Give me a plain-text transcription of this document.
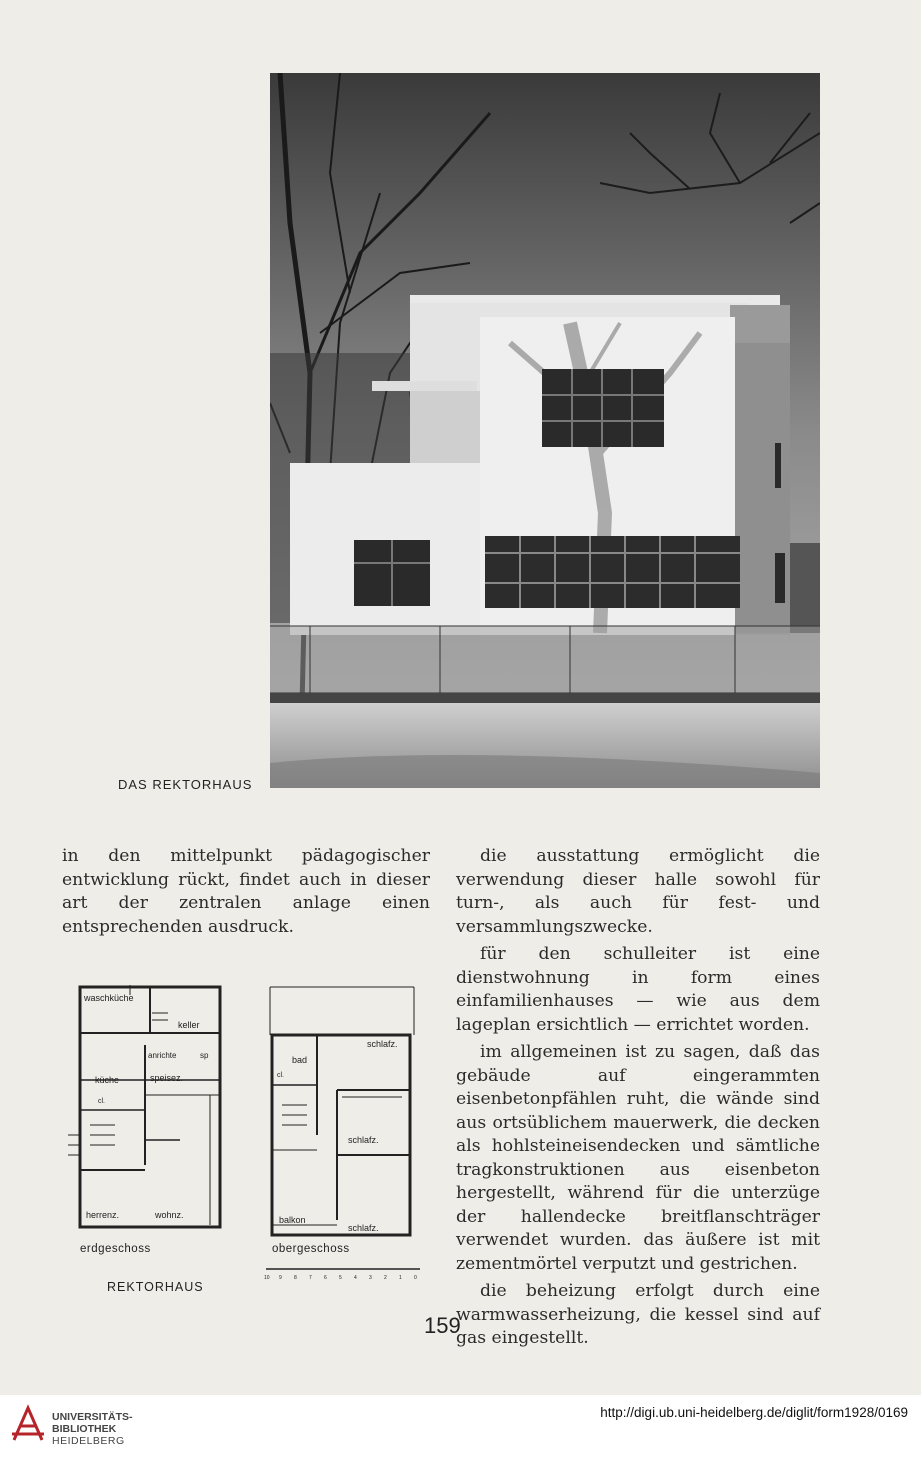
DAS REKTORHAUS

in den mittelpunkt pädagogischer entwicklung rückt, findet auch in dieser art der zentralen anlage einen entsprechenden ausdruck.

die ausstattung ermöglicht die verwendung dieser halle sowohl für turn-, als auch für fest- und versammlungszwecke.

für den schulleiter ist eine dienstwohnung in form eines einfamilienhauses — wie aus dem lageplan ersichtlich — errichtet worden.

im allgemeinen ist zu sagen, daß das gebäude auf eingerammten eisenbetonpfählen ruht, die wände sind aus ortsüblichem mauerwerk, die decken als hohlsteineisendecken und sämtliche tragkonstruktionen aus eisenbeton hergestellt, während für die unterzüge der hallendecke breitflanschträger verwendet wurden. das äußere ist mit zementmörtel verputzt und gestrichen.

die beheizung erfolgt durch eine warmwasserheizung, die kessel sind auf gas eingestellt.

waschküche
keller
anrichte	sp
küche	speisez.
cl.
herrenz.	wohnz.
erdgeschoss
schlafz.
bad
cl.
schlafz.
balkon
schlafz.
obergeschoss
10 9 8 7 6 5 4 3 2 1 0
REKTORHAUS
159
UNIVERSITÄTS-
BIBLIOTHEK
HEIDELBERG
http://digi.ub.uni-heidelberg.de/diglit/form1928/0169
